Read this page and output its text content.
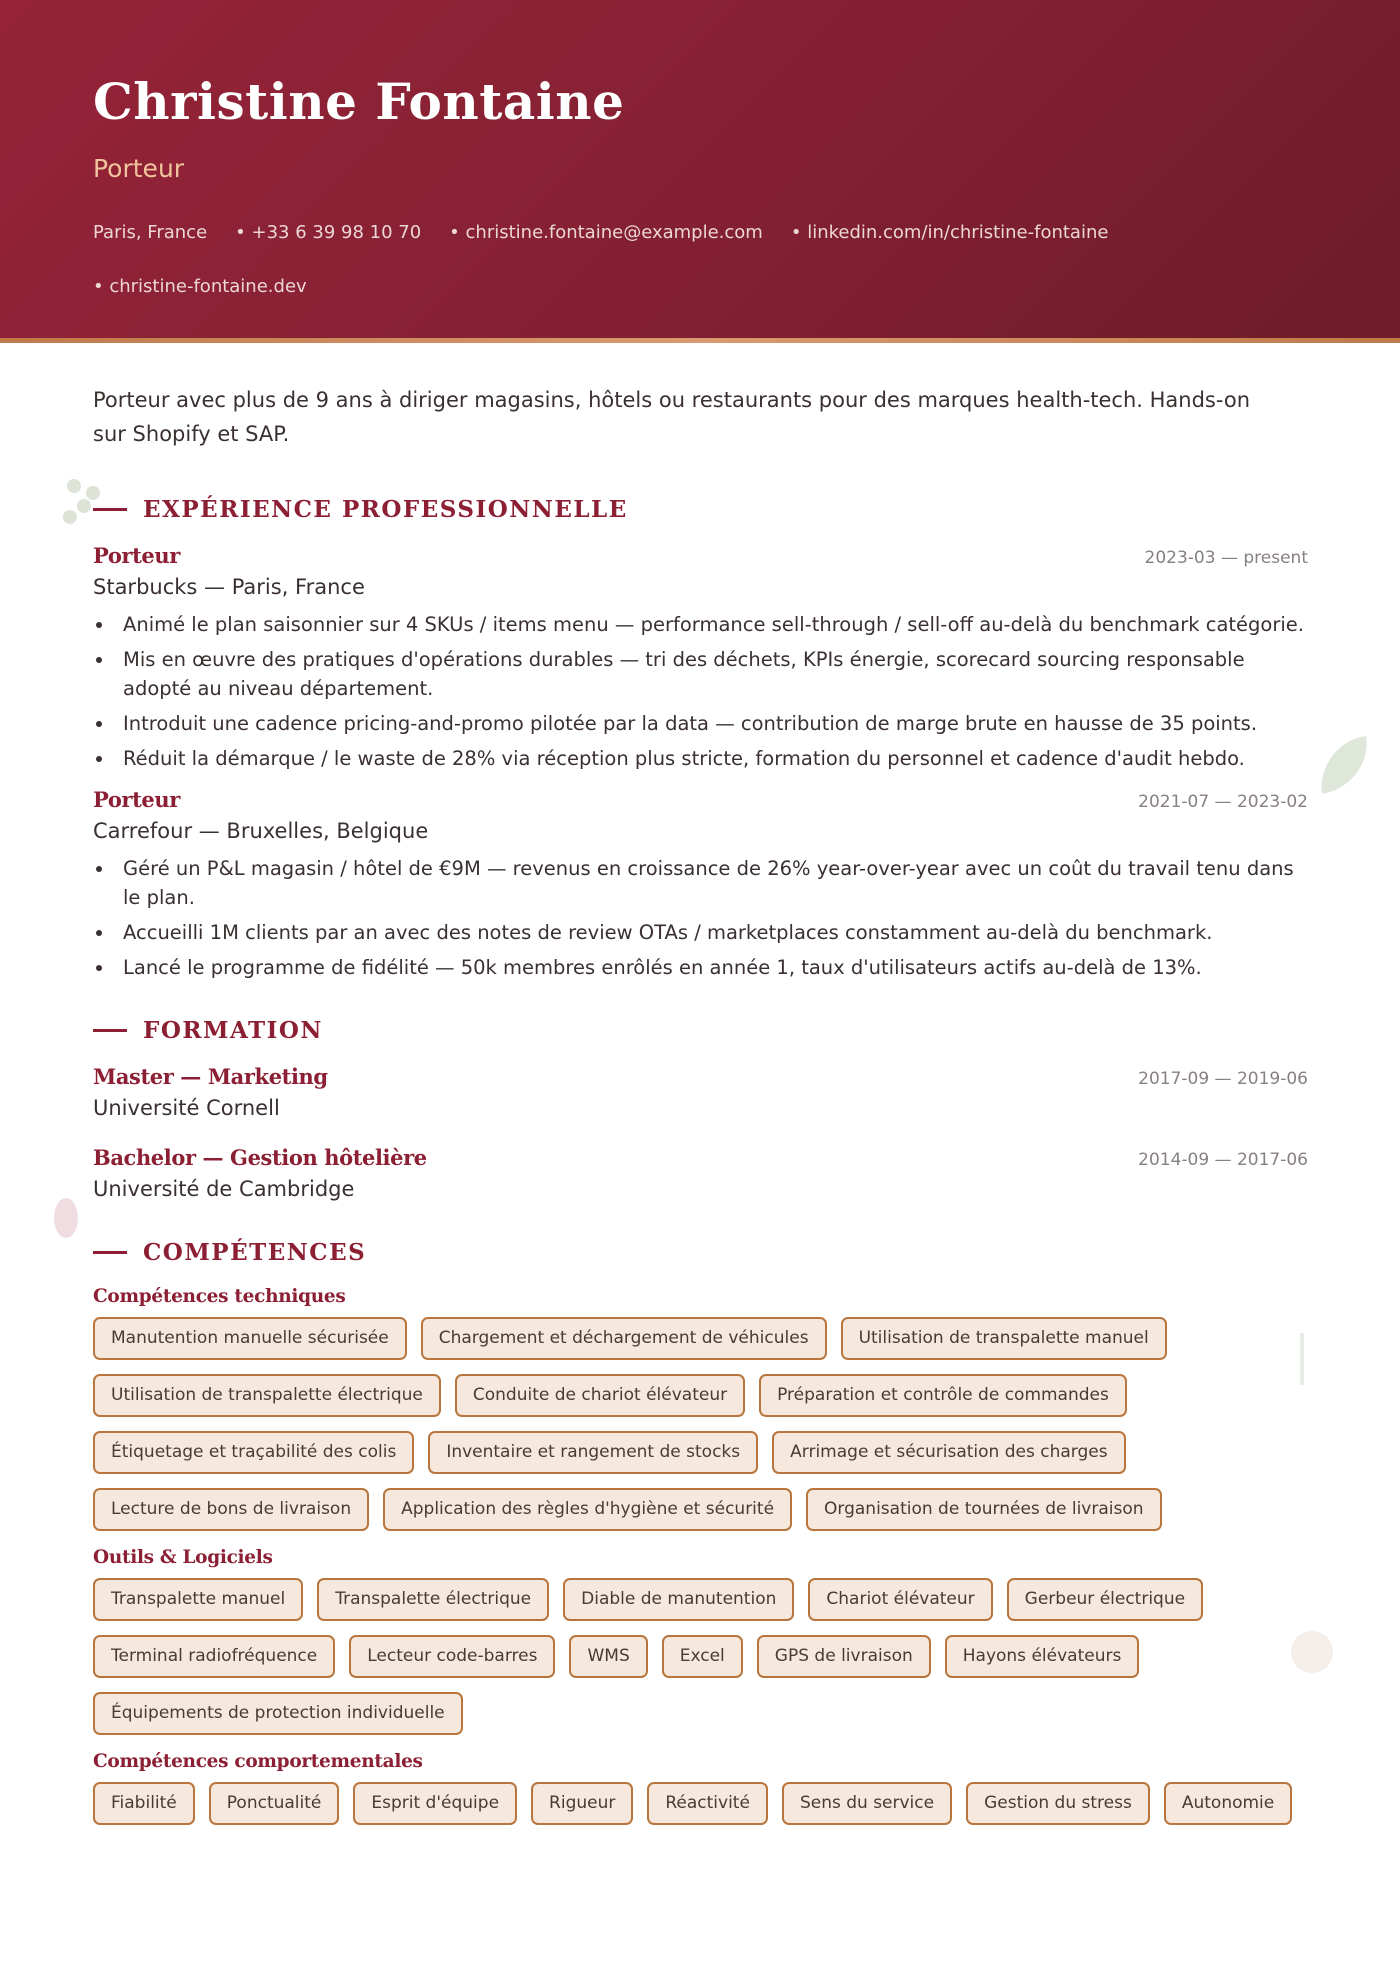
Christine Fontaine
Porteur
Paris, France	• +33 6 39 98 10 70	• christine.fontaine@example.com	• linkedin.com/in/christine-fontaine
• christine-fontaine.dev

Porteur avec plus de 9 ans à diriger magasins, hôtels ou restaurants pour des marques health-tech. Hands-on sur Shopify et SAP.

EXPÉRIENCE PROFESSIONNELLE
Porteur	2023-03 — present
Starbucks — Paris, France
Animé le plan saisonnier sur 4 SKUs / items menu — performance sell-through / sell-off au-delà du benchmark catégorie.
Mis en œuvre des pratiques d'opérations durables — tri des déchets, KPIs énergie, scorecard sourcing responsable adopté au niveau département.
Introduit une cadence pricing-and-promo pilotée par la data — contribution de marge brute en hausse de 35 points.
Réduit la démarque / le waste de 28% via réception plus stricte, formation du personnel et cadence d'audit hebdo.
Porteur	2021-07 — 2023-02
Carrefour — Bruxelles, Belgique
Géré un P&L magasin / hôtel de €9M — revenus en croissance de 26% year-over-year avec un coût du travail tenu dans le plan.
Accueilli 1M clients par an avec des notes de review OTAs / marketplaces constamment au-delà du benchmark.
Lancé le programme de fidélité — 50k membres enrôlés en année 1, taux d'utilisateurs actifs au-delà de 13%.
FORMATION
Master — Marketing	2017-09 — 2019-06
Université Cornell
Bachelor — Gestion hôtelière	2014-09 — 2017-06
Université de Cambridge
COMPÉTENCES
Compétences techniques
Manutention manuelle sécurisée	Chargement et déchargement de véhicules	Utilisation de transpalette manuel
Utilisation de transpalette électrique	Conduite de chariot élévateur	Préparation et contrôle de commandes
Étiquetage et traçabilité des colis	Inventaire et rangement de stocks	Arrimage et sécurisation des charges
Lecture de bons de livraison	Application des règles d'hygiène et sécurité	Organisation de tournées de livraison
Outils & Logiciels
Transpalette manuel	Transpalette électrique	Diable de manutention	Chariot élévateur	Gerbeur électrique
Terminal radiofréquence	Lecteur code-barres	WMS	Excel	GPS de livraison	Hayons élévateurs
Équipements de protection individuelle
Compétences comportementales
Fiabilité	Ponctualité	Esprit d'équipe	Rigueur	Réactivité	Sens du service	Gestion du stress	Autonomie
